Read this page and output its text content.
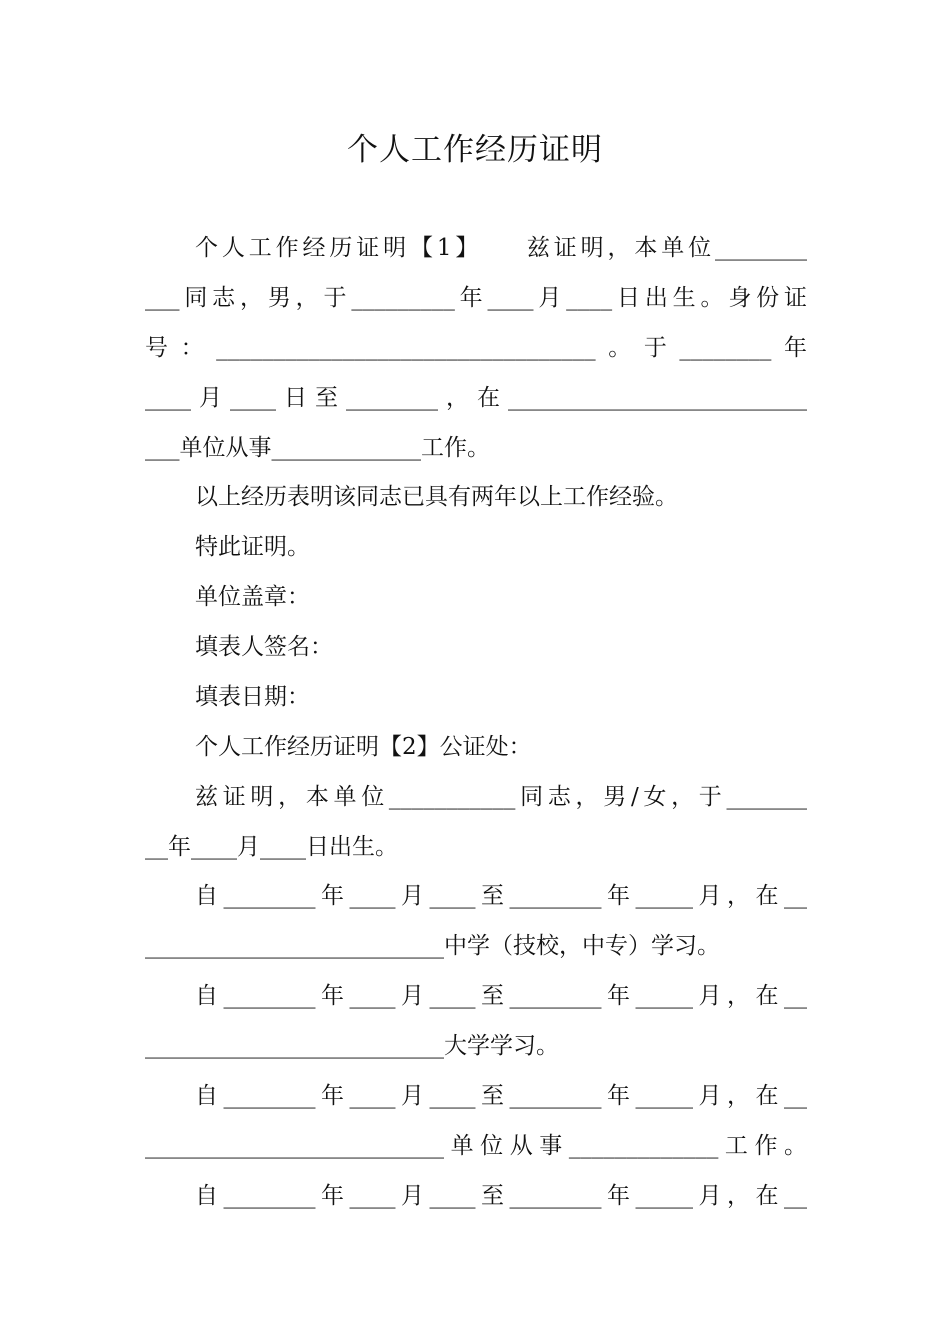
个人工作经历证明
个人工作经历证明【1】    兹证明，本单位________
___同志，男，于_________年____月____日出生。身份证
号：_________________________________。于________年
____月____日至________，在__________________________
___单位从事_____________工作。
以上经历表明该同志已具有两年以上工作经验。
特此证明。
单位盖章：
填表人签名：
填表日期：
个人工作经历证明【2】公证处：
兹证明，本单位___________同志，男/女，于_______
__年____月____日出生。
自________年____月____至________年_____月，在__
__________________________中学（技校，中专）学习。
自________年____月____至________年_____月，在__
__________________________大学学习。
自________年____月____至________年_____月，在__
__________________________单位从事_____________工作。
自________年____月____至________年_____月，在__
